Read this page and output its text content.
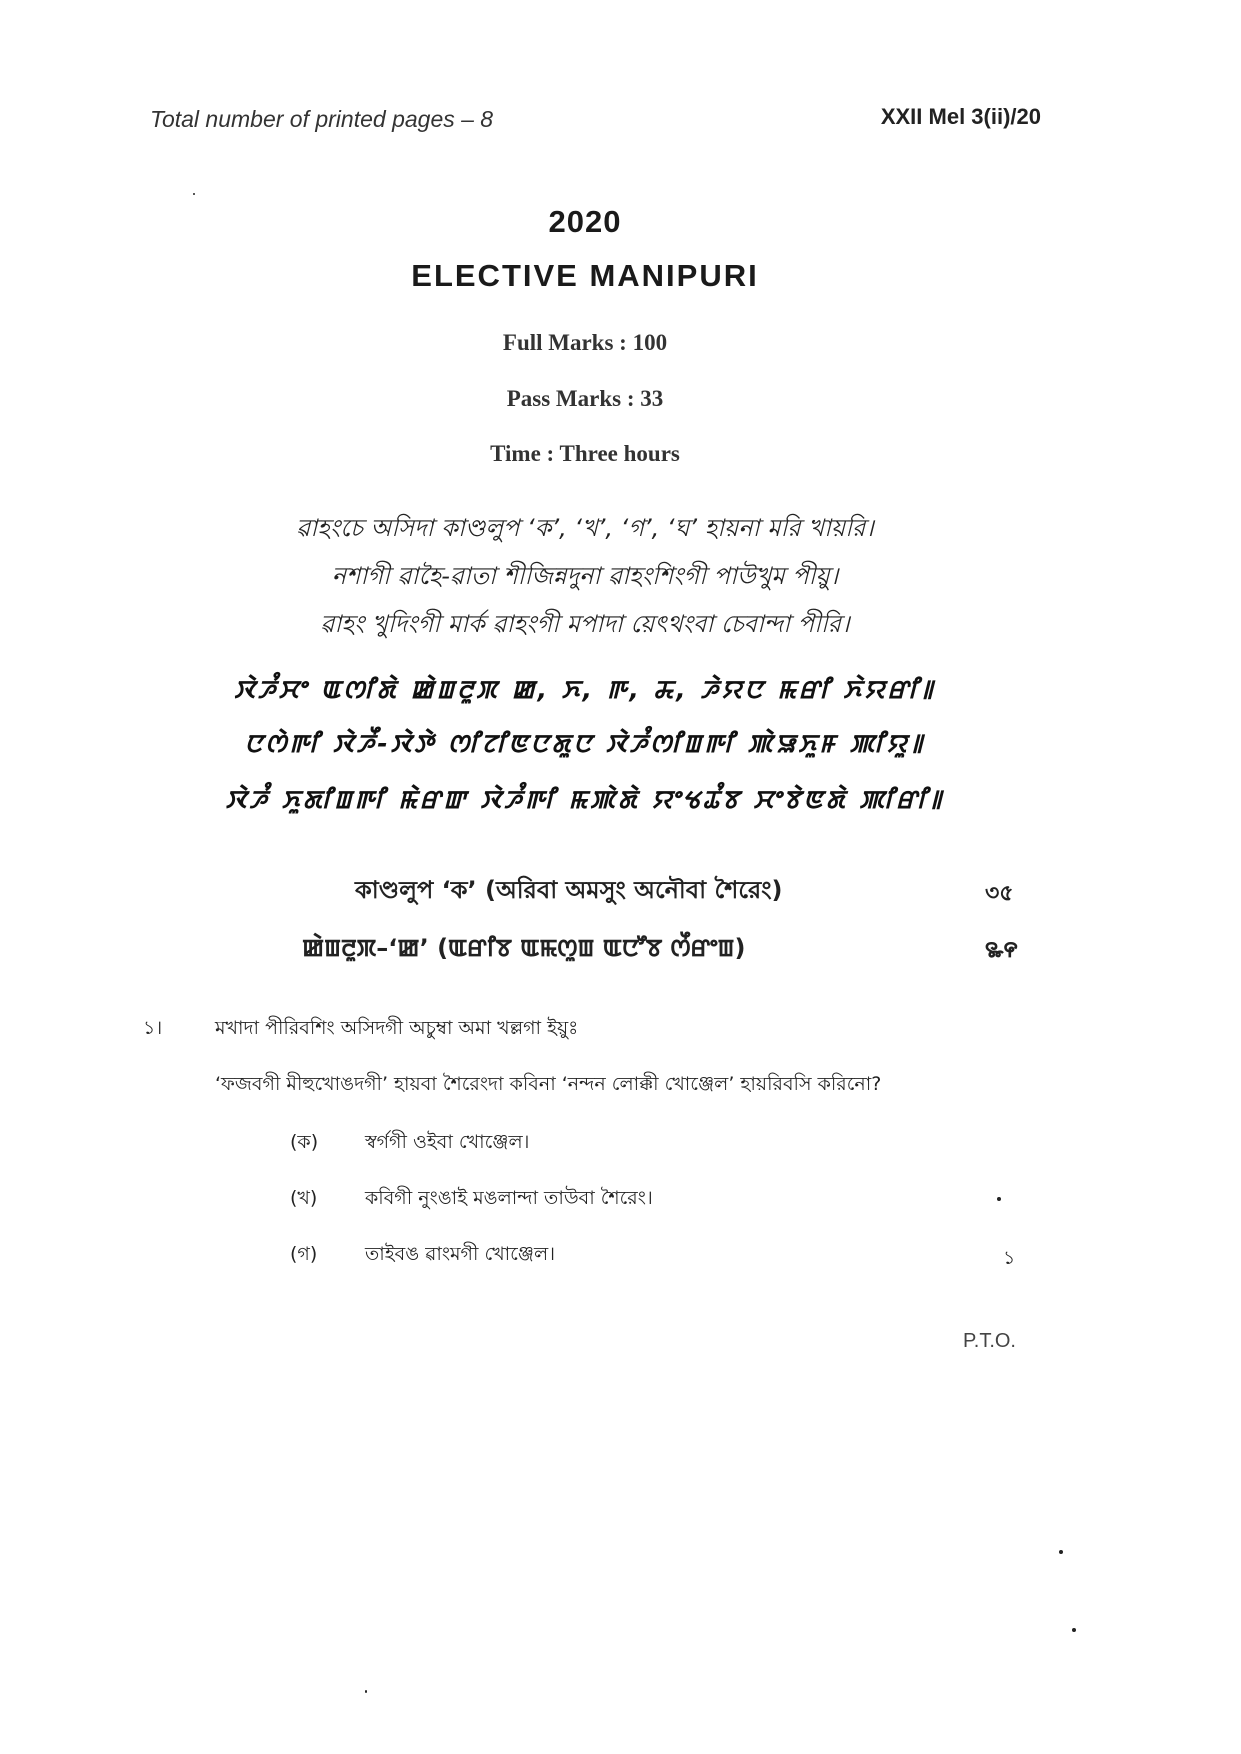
Total number of printed pages – 8	XXII Mel 3(ii)/20

2020

ELECTIVE MANIPURI

Full Marks : 100

Pass Marks : 33

Time : Three hours

ৱাহংচে অসিদা কাণ্ডলুপ ‘ক’, ‘খ’, ‘গ’, ‘ঘ’ হায়না মরি খায়রি।

নশাগী ৱাহৈ-ৱাতা শীজিন্নদুনা ৱাহংশিংগী পাউখুম পীয়ু।

ৱাহং খুদিংগী মার্ক ৱাহংগী মপাদা য়েৎথংবা চেবান্দা পীরি।

ꯋꯥꯍꯪꯆꯦ ꯑꯁꯤꯗꯥ ꯀꯥꯡꯂꯨꯞ ꯀ, ꯈ, ꯒ, ꯘ, ꯍꯥꯌꯅ ꯃꯔꯤ ꯈꯥꯌꯔꯤ꯫

ꯅꯁꯥꯒꯤ ꯋꯥꯍꯩ-ꯋꯥꯇꯥ ꯁꯤꯖꯤꯟꯅꯗꯨꯅ ꯋꯥꯍꯪꯁꯤꯡꯒꯤ ꯄꯥꯎꯈꯨꯝ ꯄꯤꯌꯨ꯫

ꯋꯥꯍꯪ ꯈꯨꯗꯤꯡꯒꯤ ꯃꯥꯔꯛ ꯋꯥꯍꯪꯒꯤ ꯃꯄꯥꯗꯥ ꯌꯦꯠꯊꯪꯕ ꯆꯦꯕꯥꯟꯗꯥ ꯄꯤꯔꯤ꯫

কাণ্ডলুপ ‘ক’ (অরিবা অমসুং অনৌবা শৈরেং)	৩৫

ꯀꯥꯡꯂꯨꯞ–‘ꯀ’ (ꯑꯔꯤꯕ ꯑꯃꯁꯨꯡ ꯑꯅꯧꯕ ꯁꯩꯔꯦꯡ)	꯳꯵

১।	মখাদা পীরিবশিং অসিদগী অচুম্বা অমা খল্লগা ইয়ুঃ

‘ফজবগী মীহুখোঙদগী’ হায়বা শৈরেংদা কবিনা ‘নন্দন লোক্কী খোঞ্জেল’ হায়রিবসি করিনো?

(ক) স্বর্গগী ওইবা খোঞ্জেল।

(খ)	কবিগী নুংঙাই মঙলান্দা তাউবা শৈরেং।

(গ)	তাইবঙ ৱাংমগী খোঞ্জেল।	১

P.T.O.
